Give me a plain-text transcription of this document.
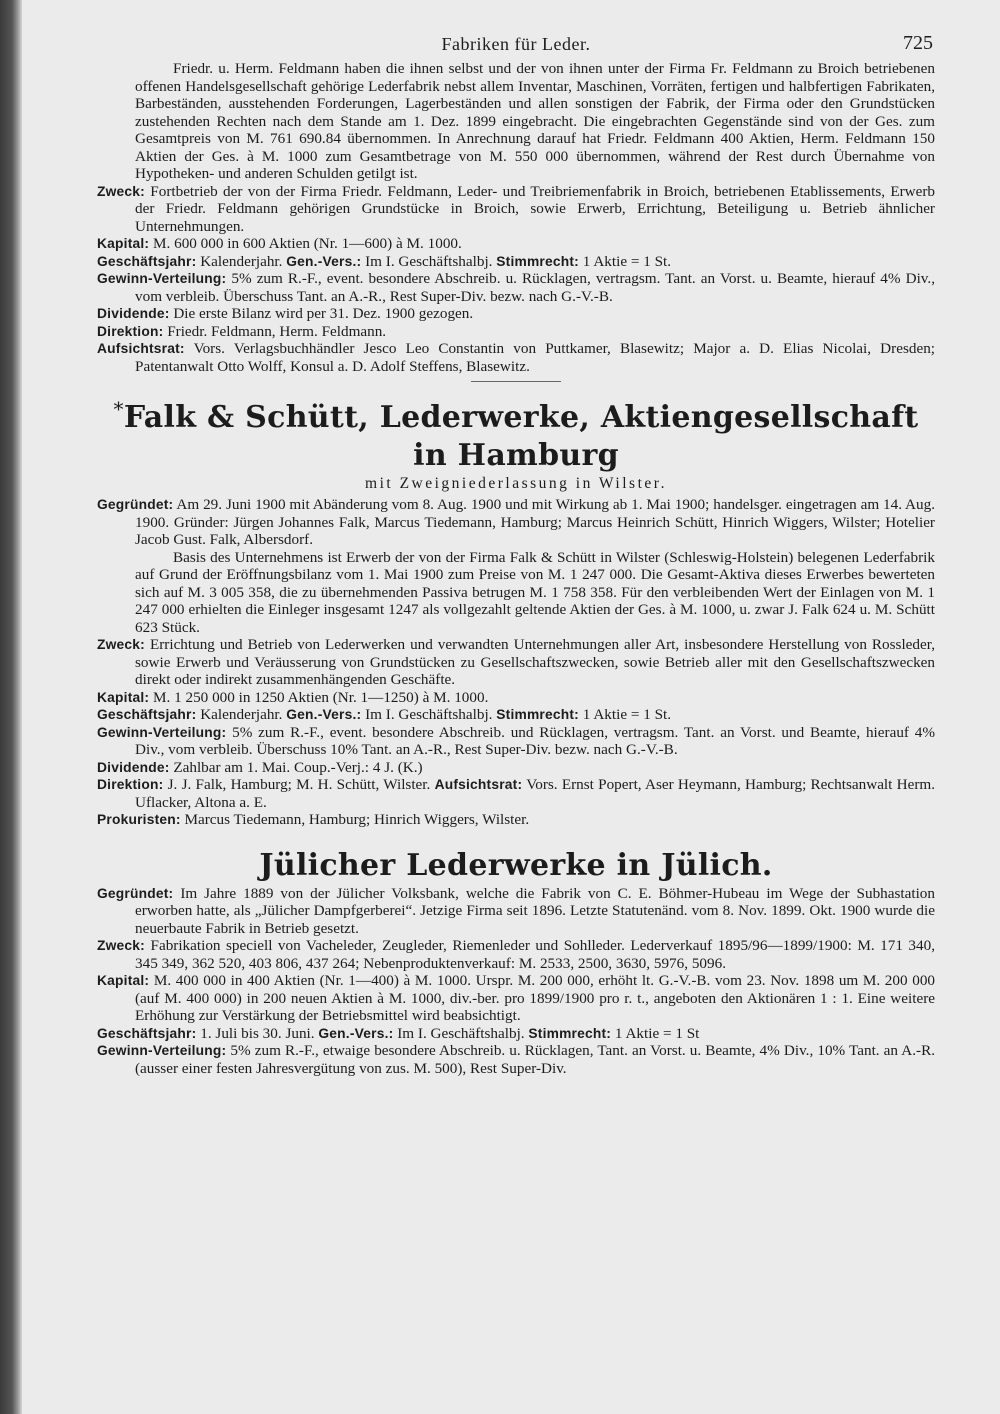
Fabriken für Leder.	725

Friedr. u. Herm. Feldmann haben die ihnen selbst und der von ihnen unter der Firma Fr. Feldmann zu Broich betriebenen offenen Handelsgesellschaft gehörige Lederfabrik nebst allem Inventar, Maschinen, Vorräten, fertigen und halbfertigen Fabrikaten, Barbeständen, ausstehenden Forderungen, Lagerbeständen und allen sonstigen der Fabrik, der Firma oder den Grundstücken zustehenden Rechten nach dem Stande am 1. Dez. 1899 eingebracht. Die eingebrachten Gegenstände sind von der Ges. zum Gesamtpreis von M. 761 690.84 übernommen. In Anrechnung darauf hat Friedr. Feldmann 400 Aktien, Herm. Feldmann 150 Aktien der Ges. à M. 1000 zum Gesamtbetrage von M. 550 000 übernommen, während der Rest durch Übernahme von Hypotheken- und anderen Schulden getilgt ist.

Zweck: Fortbetrieb der von der Firma Friedr. Feldmann, Leder- und Treibriemenfabrik in Broich, betriebenen Etablissements, Erwerb der Friedr. Feldmann gehörigen Grundstücke in Broich, sowie Erwerb, Errichtung, Beteiligung u. Betrieb ähnlicher Unternehmungen.

Kapital: M. 600 000 in 600 Aktien (Nr. 1—600) à M. 1000.

Geschäftsjahr: Kalenderjahr. Gen.-Vers.: Im I. Geschäftshalbj. Stimmrecht: 1 Aktie = 1 St.

Gewinn-Verteilung: 5% zum R.-F., event. besondere Abschreib. u. Rücklagen, vertragsm. Tant. an Vorst. u. Beamte, hierauf 4% Div., vom verbleib. Überschuss Tant. an A.-R., Rest Super-Div. bezw. nach G.-V.-B.

Dividende: Die erste Bilanz wird per 31. Dez. 1900 gezogen.

Direktion: Friedr. Feldmann, Herm. Feldmann.

Aufsichtsrat: Vors. Verlagsbuchhändler Jesco Leo Constantin von Puttkamer, Blasewitz; Major a. D. Elias Nicolai, Dresden; Patentanwalt Otto Wolff, Konsul a. D. Adolf Steffens, Blasewitz.

*Falk & Schütt, Lederwerke, Aktiengesellschaft in Hamburg
mit Zweigniederlassung in Wilster.

Gegründet: Am 29. Juni 1900 mit Abänderung vom 8. Aug. 1900 und mit Wirkung ab 1. Mai 1900; handelsger. eingetragen am 14. Aug. 1900. Gründer: Jürgen Johannes Falk, Marcus Tiedemann, Hamburg; Marcus Heinrich Schütt, Hinrich Wiggers, Wilster; Hotelier Jacob Gust. Falk, Albersdorf.

Basis des Unternehmens ist Erwerb der von der Firma Falk & Schütt in Wilster (Schleswig-Holstein) belegenen Lederfabrik auf Grund der Eröffnungsbilanz vom 1. Mai 1900 zum Preise von M. 1 247 000. Die Gesamt-Aktiva dieses Erwerbes bewerteten sich auf M. 3 005 358, die zu übernehmenden Passiva betrugen M. 1 758 358. Für den verbleibenden Wert der Einlagen von M. 1 247 000 erhielten die Einleger insgesamt 1247 als vollgezahlt geltende Aktien der Ges. à M. 1000, u. zwar J. Falk 624 u. M. Schütt 623 Stück.

Zweck: Errichtung und Betrieb von Lederwerken und verwandten Unternehmungen aller Art, insbesondere Herstellung von Rossleder, sowie Erwerb und Veräusserung von Grundstücken zu Gesellschaftszwecken, sowie Betrieb aller mit den Gesellschaftszwecken direkt oder indirekt zusammenhängenden Geschäfte.

Kapital: M. 1 250 000 in 1250 Aktien (Nr. 1—1250) à M. 1000.

Geschäftsjahr: Kalenderjahr. Gen.-Vers.: Im I. Geschäftshalbj. Stimmrecht: 1 Aktie = 1 St.

Gewinn-Verteilung: 5% zum R.-F., event. besondere Abschreib. und Rücklagen, vertragsm. Tant. an Vorst. und Beamte, hierauf 4% Div., vom verbleib. Überschuss 10% Tant. an A.-R., Rest Super-Div. bezw. nach G.-V.-B.

Dividende: Zahlbar am 1. Mai. Coup.-Verj.: 4 J. (K.)

Direktion: J. J. Falk, Hamburg; M. H. Schütt, Wilster. Aufsichtsrat: Vors. Ernst Popert, Aser Heymann, Hamburg; Rechtsanwalt Herm. Uflacker, Altona a. E.

Prokuristen: Marcus Tiedemann, Hamburg; Hinrich Wiggers, Wilster.

Jülicher Lederwerke in Jülich.

Gegründet: Im Jahre 1889 von der Jülicher Volksbank, welche die Fabrik von C. E. Böhmer-Hubeau im Wege der Subhastation erworben hatte, als „Jülicher Dampfgerberei“. Jetzige Firma seit 1896. Letzte Statutenänd. vom 8. Nov. 1899. Okt. 1900 wurde die neuerbaute Fabrik in Betrieb gesetzt.

Zweck: Fabrikation speciell von Vacheleder, Zeugleder, Riemenleder und Sohlleder. Lederverkauf 1895/96—1899/1900: M. 171 340, 345 349, 362 520, 403 806, 437 264; Nebenproduktenverkauf: M. 2533, 2500, 3630, 5976, 5096.

Kapital: M. 400 000 in 400 Aktien (Nr. 1—400) à M. 1000. Urspr. M. 200 000, erhöht lt. G.-V.-B. vom 23. Nov. 1898 um M. 200 000 (auf M. 400 000) in 200 neuen Aktien à M. 1000, div.-ber. pro 1899/1900 pro r. t., angeboten den Aktionären 1 : 1. Eine weitere Erhöhung zur Verstärkung der Betriebsmittel wird beabsichtigt.

Geschäftsjahr: 1. Juli bis 30. Juni. Gen.-Vers.: Im I. Geschäftshalbj. Stimmrecht: 1 Aktie = 1 St

Gewinn-Verteilung: 5% zum R.-F., etwaige besondere Abschreib. u. Rücklagen, Tant. an Vorst. u. Beamte, 4% Div., 10% Tant. an A.-R. (ausser einer festen Jahresvergütung von zus. M. 500), Rest Super-Div.
